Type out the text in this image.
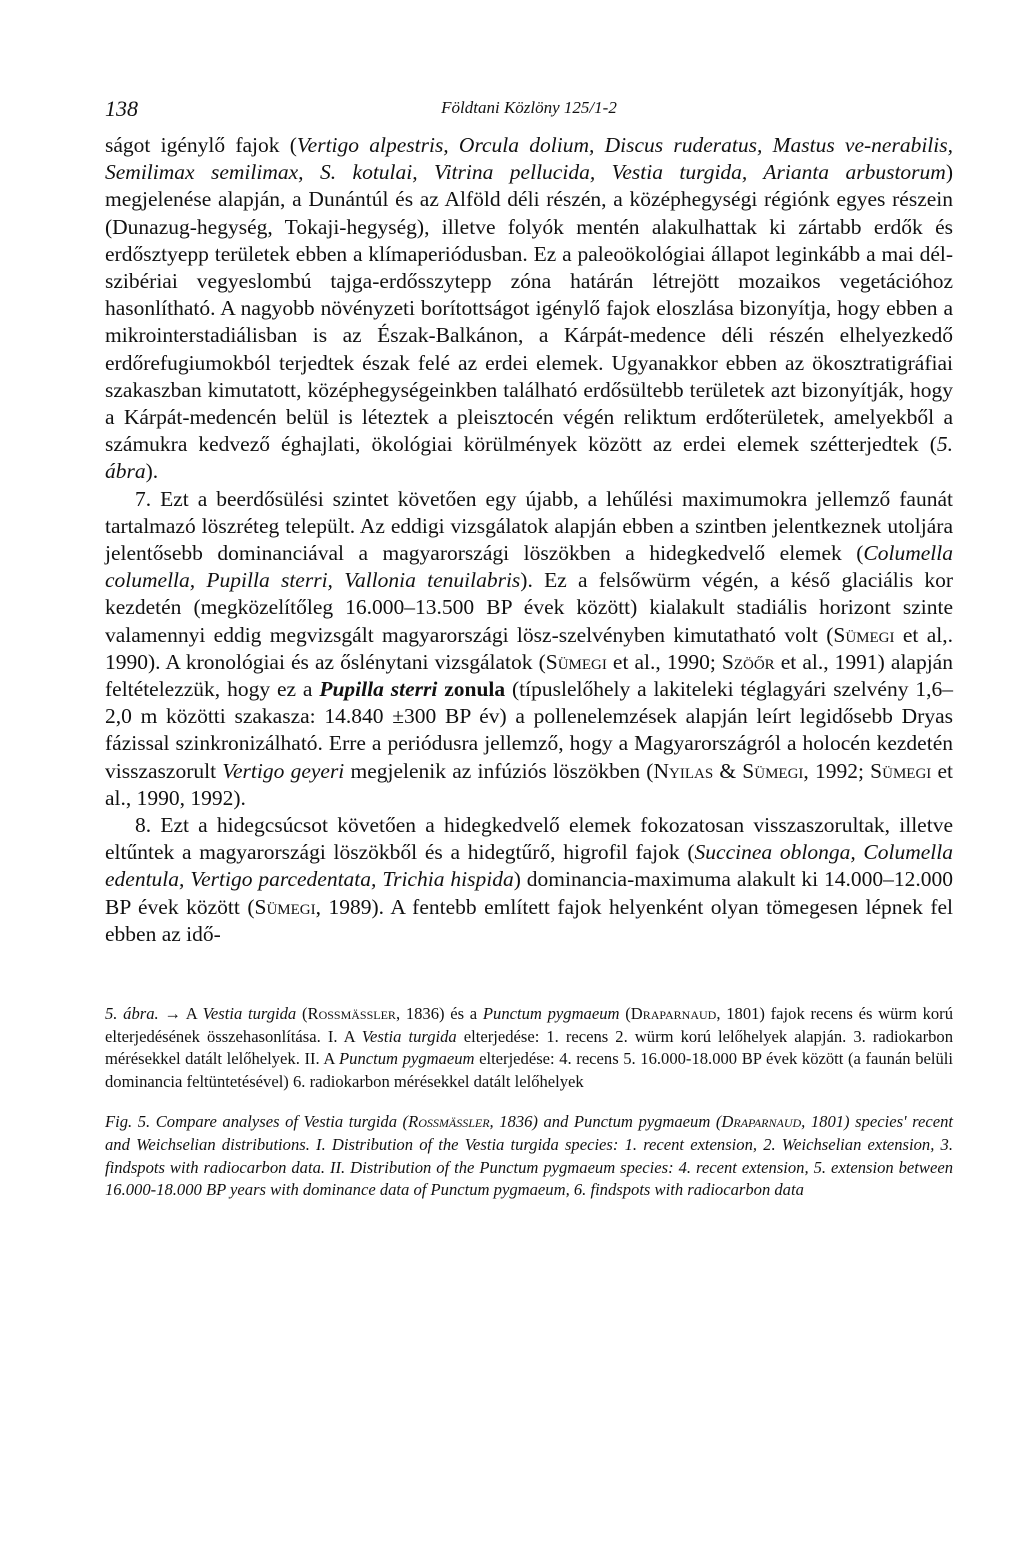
138	Földtani Közlöny 125/1-2

ságot igénylő fajok (Vertigo alpestris, Orcula dolium, Discus ruderatus, Mastus ve-nerabilis, Semilimax semilimax, S. kotulai, Vitrina pellucida, Vestia turgida, Arianta arbustorum) megjelenése alapján, a Dunántúl és az Alföld déli részén, a középhegységi régiónk egyes részein (Dunazug-hegység, Tokaji-hegység), illetve folyók mentén alakulhattak ki zártabb erdők és erdősztyepp területek ebben a klímaperiódusban. Ez a paleoökológiai állapot leginkább a mai dél-szibériai vegyeslombú tajga-erdősszytepp zóna határán létrejött mozaikos vegetációhoz hasonlítható. A nagyobb növényzeti borítottságot igénylő fajok eloszlása bizonyítja, hogy ebben a mikrointerstadiálisban is az Észak-Balkánon, a Kárpát-medence déli részén elhelyezkedő erdőrefugiumokból terjedtek észak felé az erdei elemek. Ugyanakkor ebben az ökosztratigráfiai szakaszban kimutatott, középhegységeinkben található erdősültebb területek azt bizonyítják, hogy a Kárpát-medencén belül is léteztek a pleisztocén végén reliktum erdőterületek, amelyekből a számukra kedvező éghajlati, ökológiai körülmények között az erdei elemek szétterjedtek (5. ábra).

7. Ezt a beerdősülési szintet követően egy újabb, a lehűlési maximumokra jellemző faunát tartalmazó löszréteg települt. Az eddigi vizsgálatok alapján ebben a szintben jelentkeznek utoljára jelentősebb dominanciával a magyarországi löszökben a hidegkedvelő elemek (Columella columella, Pupilla sterri, Vallonia tenuilabris). Ez a felsőwürm végén, a késő glaciális kor kezdetén (megközelítőleg 16.000–13.500 BP évek között) kialakult stadiális horizont szinte valamennyi eddig megvizsgált magyarországi lösz-szelvényben kimutatható volt (Sümegi et al,. 1990). A kronológiai és az őslénytani vizsgálatok (Sümegi et al., 1990; Szöőr et al., 1991) alapján feltételezzük, hogy ez a Pupilla sterri zonula (típuslelőhely a lakiteleki téglagyári szelvény 1,6–2,0 m közötti szakasza: 14.840 ±300 BP év) a pollenelemzések alapján leírt legidősebb Dryas fázissal szinkronizálható. Erre a periódusra jellemző, hogy a Magyarországról a holocén kezdetén visszaszorult Vertigo geyeri megjelenik az infúziós löszökben (Nyilas & Sümegi, 1992; Sümegi et al., 1990, 1992).

8. Ezt a hidegcsúcsot követően a hidegkedvelő elemek fokozatosan visszaszorultak, illetve eltűntek a magyarországi löszökből és a hidegtűrő, higrofil fajok (Succinea oblonga, Columella edentula, Vertigo parcedentata, Trichia hispida) dominancia-maximuma alakult ki 14.000–12.000 BP évek között (Sümegi, 1989). A fentebb említett fajok helyenként olyan tömegesen lépnek fel ebben az idő-

5. ábra. → A Vestia turgida (Rossmässler, 1836) és a Punctum pygmaeum (Draparnaud, 1801) fajok recens és würm korú elterjedésének összehasonlítása. I. A Vestia turgida elterjedése: 1. recens 2. würm korú lelőhelyek alapján. 3. radiokarbon mérésekkel datált lelőhelyek. II. A Punctum pygmaeum elterjedése: 4. recens 5. 16.000-18.000 BP évek között (a faunán belüli dominancia feltüntetésével) 6. radiokarbon mérésekkel datált lelőhelyek
Fig. 5. Compare analyses of Vestia turgida (Rossmässler, 1836) and Punctum pygmaeum (Draparnaud, 1801) species' recent and Weichselian distributions. I. Distribution of the Vestia turgida species: 1. recent extension, 2. Weichselian extension, 3. findspots with radiocarbon data. II. Distribution of the Punctum pygmaeum species: 4. recent extension, 5. extension between 16.000-18.000 BP years with dominance data of Punctum pygmaeum, 6. findspots with radiocarbon data
